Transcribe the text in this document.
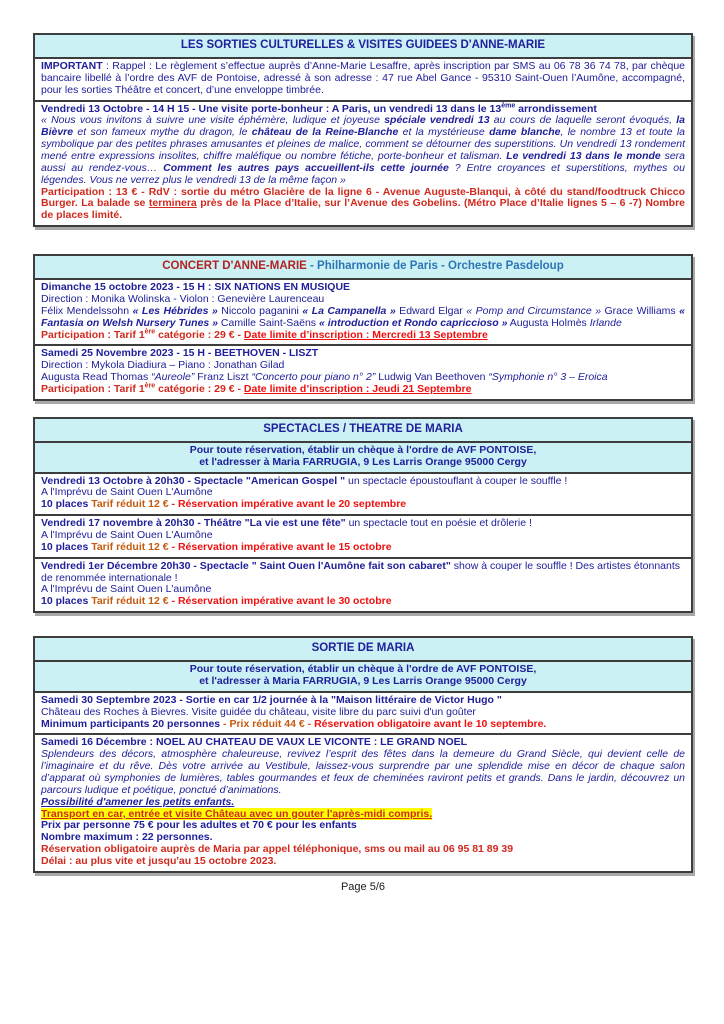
LES SORTIES CULTURELLES & VISITES GUIDEES D'ANNE-MARIE
IMPORTANT : Rappel : Le règlement s’effectue auprès d’Anne-Marie Lesaffre, après inscription par SMS au 06 78 36 74 78, par chèque bancaire libellé à l’ordre des AVF de Pontoise, adressé à son adresse : 47 rue Abel Gance - 95310 Saint-Ouen l’Aumône, accompagné, pour les sorties Théâtre et concert, d’une enveloppe timbrée.
Vendredi 13 Octobre - 14 H 15 - Une visite porte-bonheur : A Paris, un vendredi 13 dans le 13ème arrondissement
« Nous vous invitons à suivre une visite éphémère, ludique et joyeuse spéciale vendredi 13 au cours de laquelle seront évoqués, la Bièvre et son fameux mythe du dragon, le château de la Reine-Blanche et la mystérieuse dame blanche, le nombre 13 et toute la symbolique par des petites phrases amusantes et pleines de malice, comment se détourner des superstitions. Un vendredi 13 rondement mené entre expressions insolites, chiffre maléfique ou nombre fétiche, porte-bonheur et talisman. Le vendredi 13 dans le monde sera aussi au rendez-vous… Comment les autres pays accueillent-ils cette journée ? Entre croyances et superstitions, mythes ou légendes. Vous ne verrez plus le vendredi 13 de la même façon »
Participation : 13 € - RdV : sortie du métro Glacière de la ligne 6 - Avenue Auguste-Blanqui, à côté du stand/foodtruck Chicco Burger. La balade se terminera près de la Place d’Italie, sur l’Avenue des Gobelins. (Métro Place d’Italie lignes 5 – 6 -7) Nombre de places limité.
CONCERT D'ANNE-MARIE - Philharmonie de Paris - Orchestre Pasdeloup
Dimanche 15 octobre 2023 - 15 H : SIX NATIONS EN MUSIQUE
Direction : Monika Wolinska - Violon : Genevière Laurenceau
Félix Mendelssohn « Les Hébrides » Niccolo paganini « La Campanella » Edward Elgar « Pomp and Circumstance » Grace Williams « Fantasia on Welsh Nursery Tunes » Camille Saint-Saëns « introduction et Rondo capriccioso » Augusta Holmès Irlande
Participation : Tarif 1ère catégorie : 29 € - Date limite d’inscription : Mercredi 13 Septembre
Samedi 25 Novembre 2023 - 15 H - BEETHOVEN - LISZT
Direction : Mykola Diadiura – Piano : Jonathan Gilad
Augusta Read Thomas “Aureole” Franz Liszt “Concerto pour piano n° 2” Ludwig Van Beethoven “Symphonie n° 3 – Eroica
Participation : Tarif 1ère catégorie : 29 € - Date limite d’inscription : Jeudi 21 Septembre
SPECTACLES / THEATRE DE MARIA
Pour toute réservation, établir un chèque à l'ordre de AVF PONTOISE,
et l'adresser à Maria FARRUGIA, 9 Les Larris Orange 95000 Cergy
Vendredi 13 Octobre à 20h30 - Spectacle "American Gospel " un spectacle époustouflant à couper le souffle !
A l'Imprévu de Saint Ouen L'Aumône
10 places Tarif réduit 12 € - Réservation impérative avant le 20 septembre
Vendredi 17 novembre à 20h30 - Théâtre "La vie est une fête" un spectacle tout en poésie et drôlerie !
A l'Imprévu de Saint Ouen L'Aumône
10 places Tarif réduit 12 € - Réservation impérative avant le 15 octobre
Vendredi 1er Décembre 20h30 - Spectacle " Saint Ouen l'Aumône fait son cabaret" show à couper le souffle ! Des artistes étonnants de renommée internationale !
A l'Imprévu de Saint Ouen L'aumône
10 places Tarif réduit 12 € - Réservation impérative avant le 30 octobre
SORTIE DE MARIA
Pour toute réservation, établir un chèque à l'ordre de AVF PONTOISE,
et l'adresser à Maria FARRUGIA, 9 Les Larris Orange 95000 Cergy
Samedi 30 Septembre 2023 - Sortie en car 1/2 journée à la "Maison littéraire de Victor Hugo "
Château des Roches à Bievres. Visite guidée du château, visite libre du parc suivi d'un goûter
Minimum participants 20 personnes - Prix réduit 44 € - Réservation obligatoire avant le 10 septembre.
Samedi 16 Décembre : NOEL AU CHATEAU DE VAUX LE VICONTE : LE GRAND NOEL
Splendeurs des décors, atmosphère chaleureuse, revivez l’esprit des fêtes dans la demeure du Grand Siècle, qui devient celle de l’imaginaire et du rêve. Dès votre arrivée au Vestibule, laissez-vous surprendre par une splendide mise en décor de chaque salon d’apparat où symphonies de lumières, tables gourmandes et feux de cheminées raviront petits et grands. Dans le jardin, découvrez un parcours ludique et poétique, ponctué d’animations.
Possibilité d'amener les petits enfants.
Transport en car, entrée et visite Château avec un gouter l'après-midi compris.
Prix par personne 75 € pour les adultes et 70 € pour les enfants
Nombre maximum : 22 personnes.
Réservation obligatoire auprès de Maria par appel téléphonique, sms ou mail au 06 95 81 89 39
Délai : au plus vite et jusqu'au 15 octobre 2023.
Page 5/6
